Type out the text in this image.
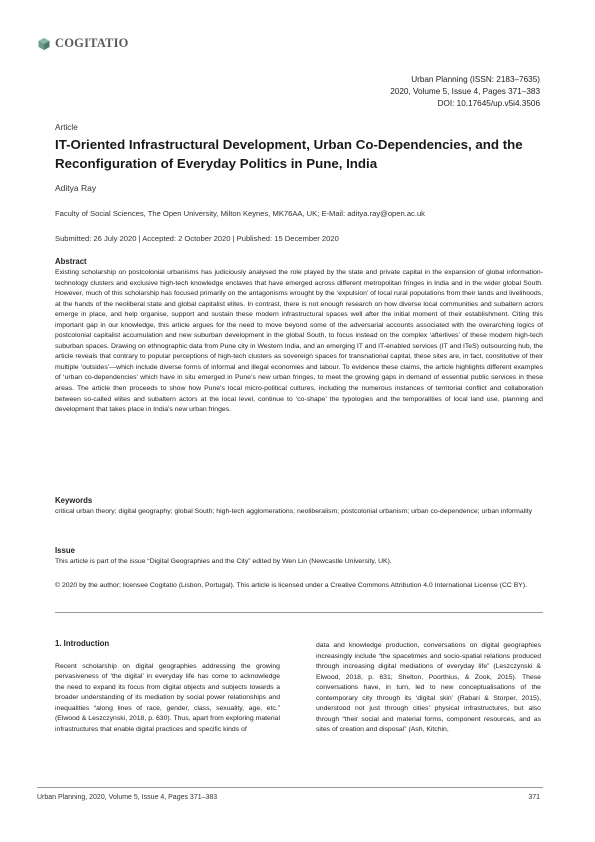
COGITATIO
Urban Planning (ISSN: 2183–7635)
2020, Volume 5, Issue 4, Pages 371–383
DOI: 10.17645/up.v5i4.3506
Article
IT-Oriented Infrastructural Development, Urban Co-Dependencies, and the Reconfiguration of Everyday Politics in Pune, India
Aditya Ray
Faculty of Social Sciences, The Open University, Milton Keynes, MK76AA, UK; E-Mail: aditya.ray@open.ac.uk
Submitted: 26 July 2020 | Accepted: 2 October 2020 | Published: 15 December 2020
Abstract
Existing scholarship on postcolonial urbanisms has judiciously analysed the role played by the state and private capital in the expansion of global information-technology clusters and exclusive high-tech knowledge enclaves that have emerged across different metropolitan fringes in India and in the wider global South. However, much of this scholarship has focused primarily on the antagonisms wrought by the ‘expulsion’ of local rural populations from their lands and livelihoods, at the hands of the neoliberal state and global capitalist elites. In contrast, there is not enough research on how diverse local communities and subaltern actors emerge in place, and help organise, support and sustain these modern infrastructural spaces well after the initial moment of their establishment. Citing this important gap in our knowledge, this article argues for the need to move beyond some of the adversarial accounts associated with the overarching logics of postcolonial capitalist accumulation and new suburban development in the global South, to focus instead on the complex ‘afterlives’ of these modern high-tech suburban spaces. Drawing on ethnographic data from Pune city in Western India, and an emerging IT and IT-enabled services (IT and ITeS) outsourcing hub, the article reveals that contrary to popular perceptions of high-tech clusters as sovereign spaces for transnational capital, these sites are, in fact, constitutive of their multiple ‘outsides’—which include diverse forms of informal and illegal economies and labour. To evidence these claims, the article highlights different examples of ‘urban co-dependencies’ which have in situ emerged in Pune’s new urban fringes, to meet the growing gaps in demand of essential public services in these areas. The article then proceeds to show how Pune’s local micro-political cultures, including the numerous instances of territorial conflict and collaboration between so-called elites and subaltern actors at the local level, continue to ‘co-shape’ the typologies and the temporalities of local land use, planning and development that takes place in India’s new urban fringes.
Keywords
critical urban theory; digital geography; global South; high-tech agglomerations; neoliberalism; postcolonial urbanism; urban co-dependence; urban informality
Issue
This article is part of the issue “Digital Geographies and the City” edited by Wen Lin (Newcastle University, UK).
© 2020 by the author; licensee Cogitatio (Lisbon, Portugal). This article is licensed under a Creative Commons Attribution 4.0 International License (CC BY).
1. Introduction
Recent scholarship on digital geographies addressing the growing pervasiveness of ‘the digital’ in everyday life has come to acknowledge the need to expand its focus from digital objects and subjects towards a broader understanding of its mediation by social power relationships and inequalities “along lines of race, gender, class, sexuality, age, etc.” (Elwood & Leszczynski, 2018, p. 630). Thus, apart from exploring material infrastructures that enable digital practices and specific kinds of
data and knowledge production, conversations on digital geographies increasingly include “the spacetimes and socio-spatial relations produced through increasing digital mediations of everyday life” (Leszczynski & Elwood, 2018, p. 631; Shelton, Poorthius, & Zook, 2015). These conversations have, in turn, led to new conceptualisations of the contemporary city through its ‘digital skin’ (Rabari & Storper, 2015), understood not just through cities’ physical infrastructures, but also through “their social and material forms, component resources, and as sites of creation and disposal” (Ash, Kitchin,
Urban Planning, 2020, Volume 5, Issue 4, Pages 371–383	371
